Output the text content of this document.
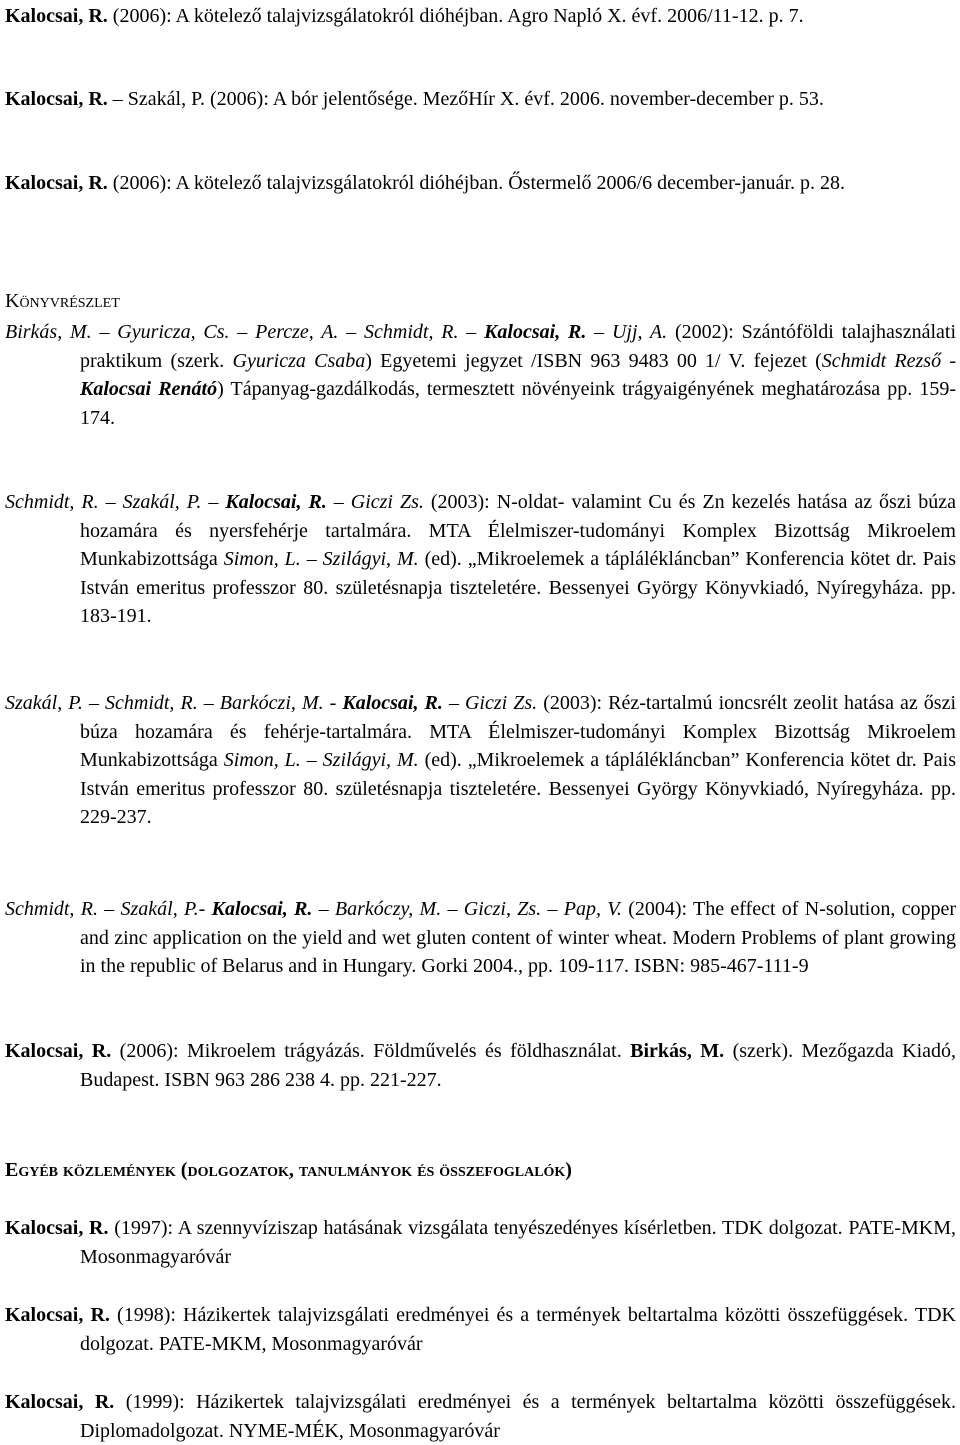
Kalocsai, R. (2006): A kötelező talajvizsgálatokról dióhéjban. Agro Napló X. évf. 2006/11-12. p. 7.
Kalocsai, R. – Szakál, P. (2006): A bór jelentősége. MezőHír X. évf. 2006. november-december p. 53.
Kalocsai, R. (2006): A kötelező talajvizsgálatokról dióhéjban. Őstermelő 2006/6 december-január. p. 28.
Könyvrészlet
Birkás, M. – Gyuricza, Cs. – Percze, A. – Schmidt, R. – Kalocsai, R. – Ujj, A. (2002): Szántóföldi talajhasználati praktikum (szerk. Gyuricza Csaba) Egyetemi jegyzet /ISBN 963 9483 00 1/ V. fejezet (Schmidt Rezső - Kalocsai Renátó) Tápanyag-gazdálkodás, termesztett növényeink trágyaigényének meghatározása pp. 159-174.
Schmidt, R. – Szakál, P. – Kalocsai, R. – Giczi Zs. (2003): N-oldat- valamint Cu és Zn kezelés hatása az őszi búza hozamára és nyersfehérje tartalmára. MTA Élelmiszer-tudományi Komplex Bizottság Mikroelem Munkabizottsága Simon, L. – Szilágyi, M. (ed). „Mikroelemek a táplálékláncban” Konferencia kötet dr. Pais István emeritus professzor 80. születésnapja tiszteletére. Bessenyei György Könyvkiadó, Nyíregyháza. pp. 183-191.
Szakál, P. – Schmidt, R. – Barkóczi, M. - Kalocsai, R. – Giczi Zs. (2003): Réz-tartalmú ioncsrélt zeolit hatása az őszi búza hozamára és fehérje-tartalmára. MTA Élelmiszer-tudományi Komplex Bizottság Mikroelem Munkabizottsága Simon, L. – Szilágyi, M. (ed). „Mikroelemek a táplálékláncban” Konferencia kötet dr. Pais István emeritus professzor 80. születésnapja tiszteletére. Bessenyei György Könyvkiadó, Nyíregyháza. pp. 229-237.
Schmidt, R. – Szakál, P.- Kalocsai, R. – Barkóczy, M. – Giczi, Zs. – Pap, V. (2004): The effect of N-solution, copper and zinc application on the yield and wet gluten content of winter wheat. Modern Problems of plant growing in the republic of Belarus and in Hungary. Gorki 2004., pp. 109-117. ISBN: 985-467-111-9
Kalocsai, R. (2006): Mikroelem trágyázás. Földművelés és földhasználat. Birkás, M. (szerk). Mezőgazda Kiadó, Budapest. ISBN 963 286 238 4. pp. 221-227.
Egyéb közlemények (dolgozatok, tanulmányok és összefoglalók)
Kalocsai, R. (1997): A szennyvíziszap hatásának vizsgálata tenyészedényes kísérletben. TDK dolgozat. PATE-MKM, Mosonmagyaróvár
Kalocsai, R. (1998): Házikertek talajvizsgálati eredményei és a termények beltartalma közötti összefüggések. TDK dolgozat. PATE-MKM, Mosonmagyaróvár
Kalocsai, R. (1999): Házikertek talajvizsgálati eredményei és a termények beltartalma közötti összefüggések. Diplomadolgozat. NYME-MÉK, Mosonmagyaróvár
